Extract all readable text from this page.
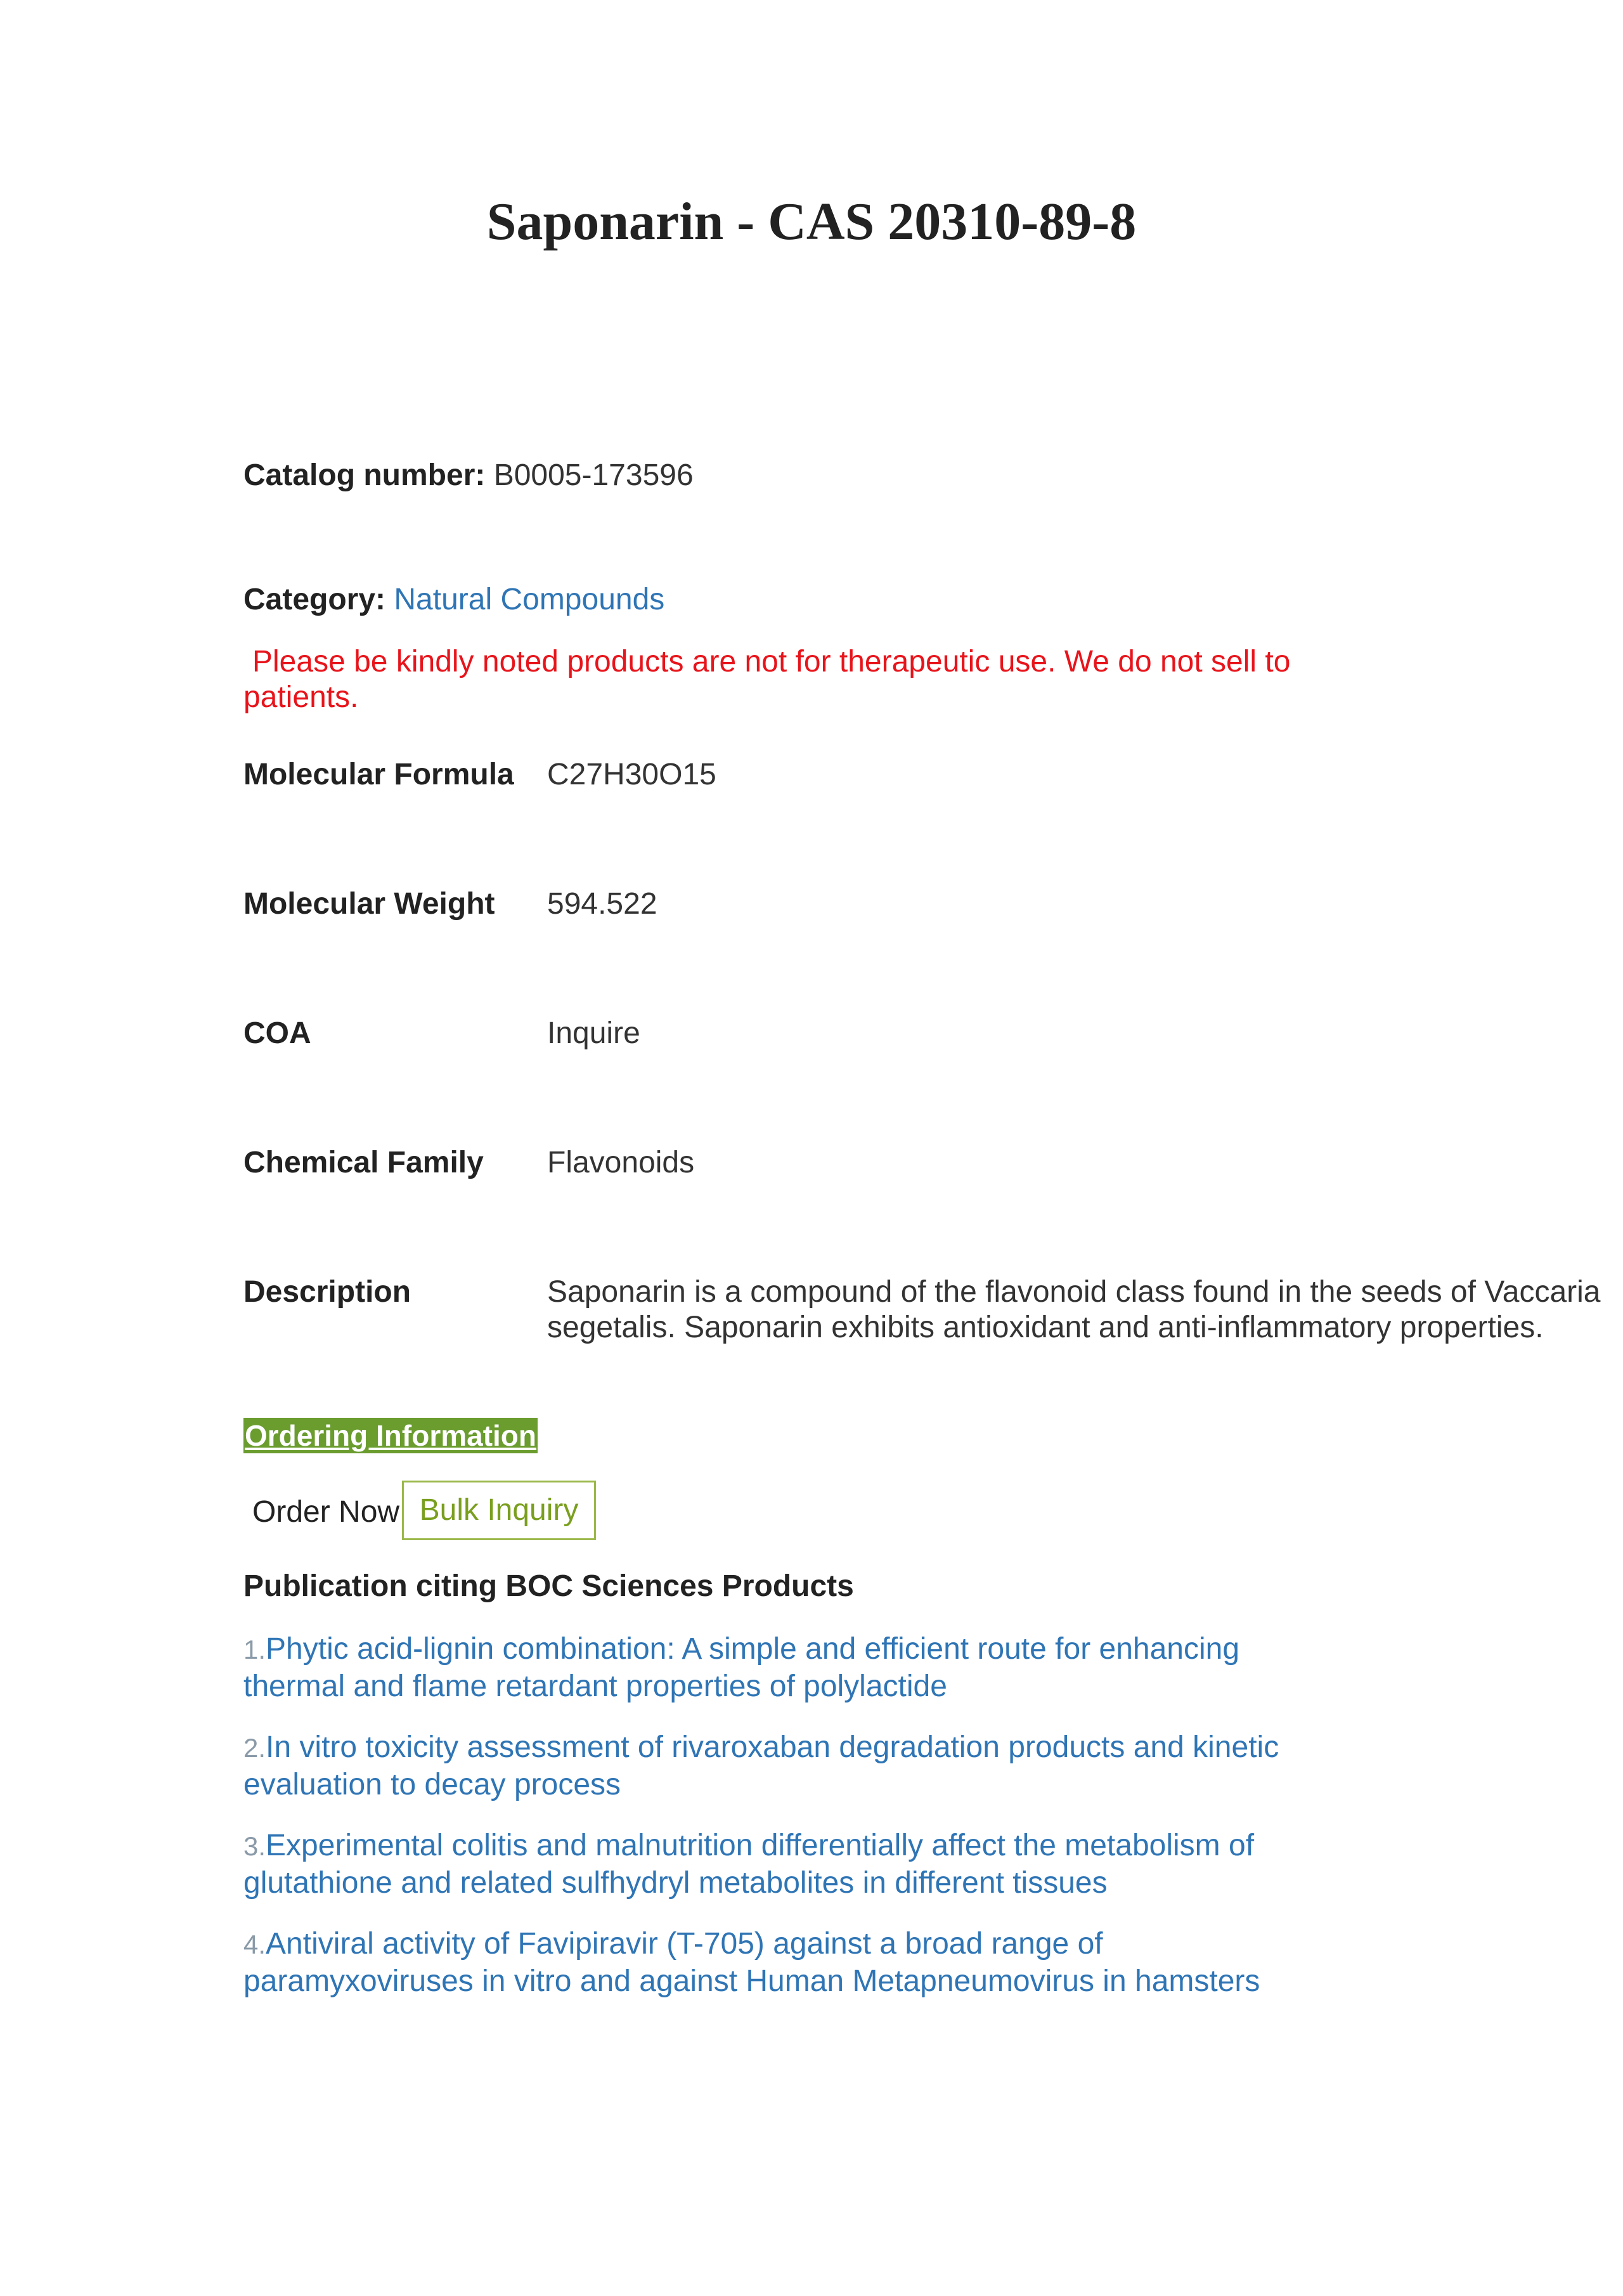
Saponarin - CAS 20310-89-8
Catalog number: B0005-173596
Category: Natural Compounds
Please be kindly noted products are not for therapeutic use. We do not sell to
patients.
Molecular Formula C27H30O15
Molecular Weight 594.522
COA	Inquire
Chemical Family Flavonoids
Description	Saponarin is a compound of the flavonoid class found in the seeds of Vaccaria
segetalis. Saponarin exhibits antioxidant and anti-inflammatory properties.
Ordering Information
Order Now Bulk Inquiry
Publication citing BOC Sciences Products
1.Phytic acid-lignin combination: A simple and efficient route for enhancing
thermal and flame retardant properties of polylactide
2.In vitro toxicity assessment of rivaroxaban degradation products and kinetic
evaluation to decay process
3.Experimental colitis and malnutrition differentially affect the metabolism of
glutathione and related sulfhydryl metabolites in different tissues
4.Antiviral activity of Favipiravir (T-705) against a broad range of
paramyxoviruses in vitro and against Human Metapneumovirus in hamsters
